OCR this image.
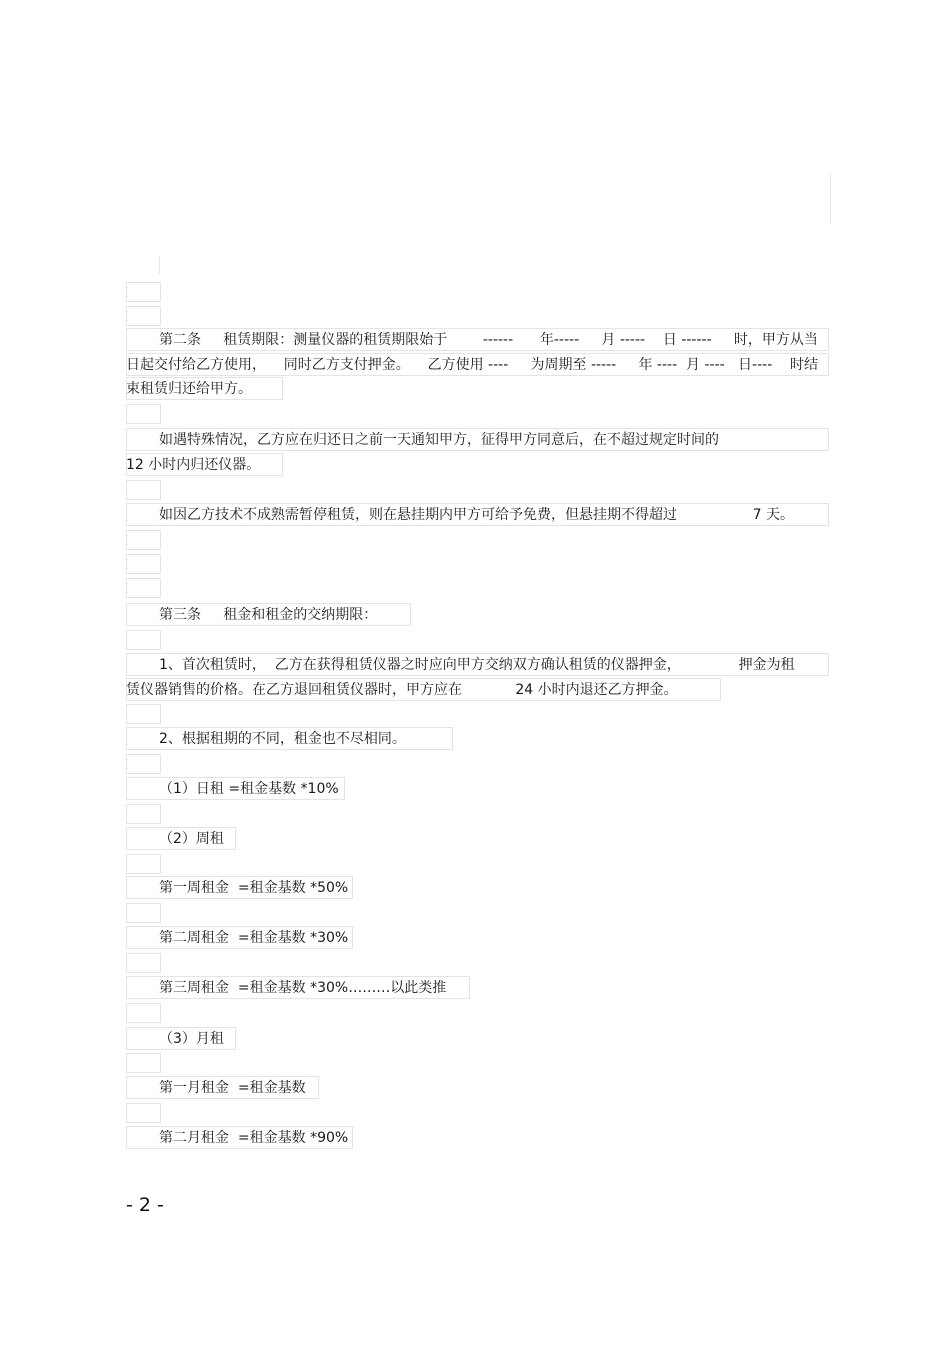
第二条     租赁期限：测量仪器的租赁期限始于        ------      年-----     月 -----    日 ------     时，甲方从当

日起交付给乙方使用，    同时乙方支付押金。    乙方使用 ----     为周期至 -----     年 ----  月 ----   日----    时结

束租赁归还给甲方。

如遇特殊情况，乙方应在归还日之前一天通知甲方，征得甲方同意后，在不超过规定时间的

12 小时内归还仪器。

如因乙方技术不成熟需暂停租赁，则在悬挂期内甲方可给予免费，但悬挂期不得超过                 7 天。

第三条     租金和租金的交纳期限：

1、首次租赁时，  乙方在获得租赁仪器之时应向甲方交纳双方确认租赁的仪器押金，             押金为租

赁仪器销售的价格。在乙方退回租赁仪器时，甲方应在            24 小时内退还乙方押金。

2、根据租期的不同，租金也不尽相同。

（1）日租 =租金基数 *10%

（2）周租

第一周租金  =租金基数 *50%

第二周租金  =租金基数 *30%

第三周租金  =租金基数 *30%………以此类推

（3）月租

第一月租金  =租金基数

第二月租金  =租金基数 *90%

- 2 -
